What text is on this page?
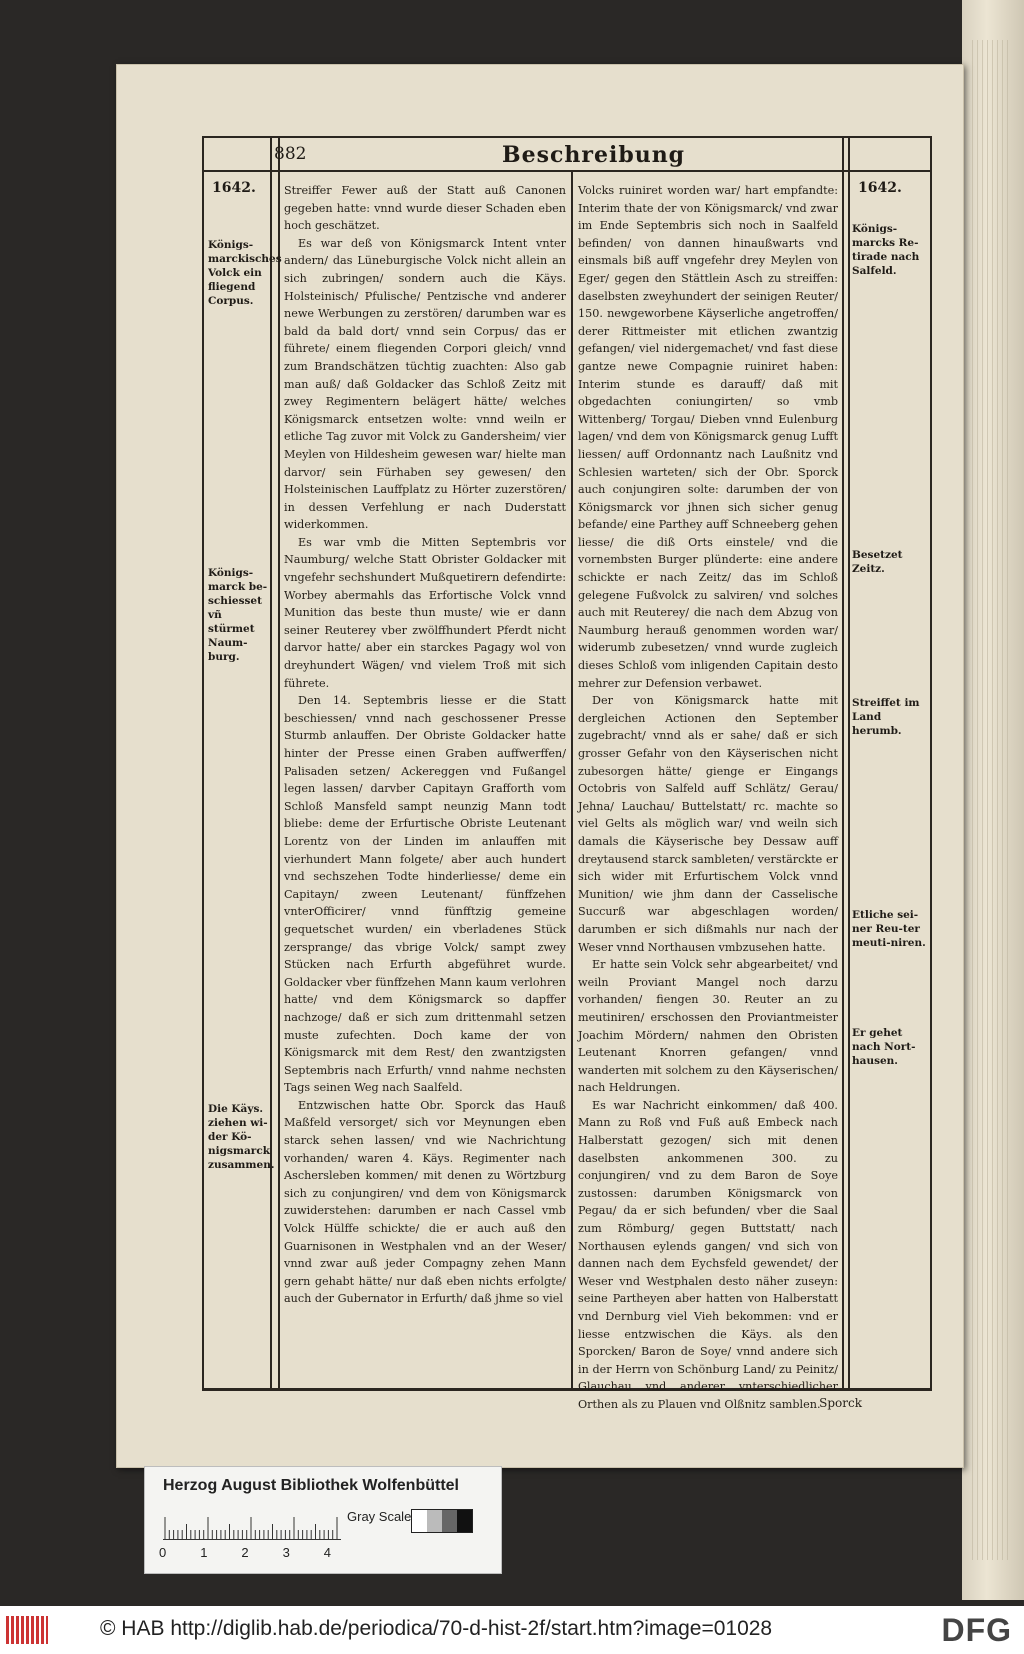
882	Beschreibung
1642.	1642.
Königs-marckisches Volck ein fliegend Corpus.
Königs-marck be-schiesset vñ stürmet Naum-burg.
Die Käys. ziehen wi-der Kö-nigsmarck zusammen.
Königs-marcks Re-tirade nach Salfeld.
Besetzet Zeitz.
Streiffet im Land herumb.
Etliche sei-ner Reu-ter meuti-niren.
Er gehet nach Nort-hausen.

Streiffer Fewer auß der Statt auß Canonen gegeben hatte: vnnd wurde dieser Schaden eben hoch geschätzet.

Es war deß von Königsmarck Intent vnter andern/ das Lüneburgische Volck nicht allein an sich zubringen/ sondern auch die Käys. Holsteinisch/ Pfulische/ Pentzische vnd anderer newe Werbungen zu zerstören/ darumben war es bald da bald dort/ vnnd sein Corpus/ das er führete/ einem fliegenden Corpori gleich/ vnnd zum Brandschätzen tüchtig zuachten: Also gab man auß/ daß Goldacker das Schloß Zeitz mit zwey Regimentern belägert hätte/ welches Königsmarck entsetzen wolte: vnnd weiln er etliche Tag zuvor mit Volck zu Gandersheim/ vier Meylen von Hildesheim gewesen war/ hielte man darvor/ sein Fürhaben sey gewesen/ den Holsteinischen Lauffplatz zu Hörter zuzerstören/ in dessen Verfehlung er nach Duderstatt widerkommen.

Es war vmb die Mitten Septembris vor Naumburg/ welche Statt Obrister Goldacker mit vngefehr sechshundert Mußquetirern defendirte: Worbey abermahls das Erfortische Volck vnnd Munition das beste thun muste/ wie er dann seiner Reuterey vber zwölffhundert Pferdt nicht darvor hatte/ aber ein starckes Pagagy wol von dreyhundert Wägen/ vnd vielem Troß mit sich führete.

Den 14. Septembris liesse er die Statt beschiessen/ vnnd nach geschossener Presse Sturmb anlauffen. Der Obriste Goldacker hatte hinter der Presse einen Graben auffwerffen/ Palisaden setzen/ Ackereggen vnd Fußangel legen lassen/ darvber Capitayn Grafforth vom Schloß Mansfeld sampt neunzig Mann todt bliebe: deme der Erfurtische Obriste Leutenant Lorentz von der Linden im anlauffen mit vierhundert Mann folgete/ aber auch hundert vnd sechszehen Todte hinderliesse/ deme ein Capitayn/ zween Leutenant/ fünffzehen vnterOfficirer/ vnnd fünfftzig gemeine gequetschet wurden/ ein vberladenes Stück zersprange/ das vbrige Volck/ sampt zwey Stücken nach Erfurth abgeführet wurde. Goldacker vber fünffzehen Mann kaum verlohren hatte/ vnd dem Königsmarck so dapffer nachzoge/ daß er sich zum drittenmahl setzen muste zufechten. Doch kame der von Königsmarck mit dem Rest/ den zwantzigsten Septembris nach Erfurth/ vnnd nahme nechsten Tags seinen Weg nach Saalfeld.

Entzwischen hatte Obr. Sporck das Hauß Maßfeld versorget/ sich vor Meynungen eben starck sehen lassen/ vnd wie Nachrichtung vorhanden/ waren 4. Käys. Regimenter nach Aschersleben kommen/ mit denen zu Wörtzburg sich zu conjungiren/ vnd dem von Königsmarck zuwiderstehen: darumben er nach Cassel vmb Volck Hülffe schickte/ die er auch auß den Guarnisonen in Westphalen vnd an der Weser/ vnnd zwar auß jeder Compagny zehen Mann gern gehabt hätte/ nur daß eben nichts erfolgte/ auch der Gubernator in Erfurth/ daß jhme so viel

Volcks ruiniret worden war/ hart empfandte: Interim thate der von Königsmarck/ vnd zwar im Ende Septembris sich noch in Saalfeld befinden/ von dannen hinaußwarts vnd einsmals biß auff vngefehr drey Meylen von Eger/ gegen den Stättlein Asch zu streiffen: daselbsten zweyhundert der seinigen Reuter/ 150. newgeworbene Käyserliche angetroffen/ derer Rittmeister mit etlichen zwantzig gefangen/ viel nidergemachet/ vnd fast diese gantze newe Compagnie ruiniret haben: Interim stunde es darauff/ daß mit obgedachten coniungirten/ so vmb Wittenberg/ Torgau/ Dieben vnnd Eulenburg lagen/ vnd dem von Königsmarck genug Lufft liessen/ auff Ordonnantz nach Laußnitz vnd Schlesien warteten/ sich der Obr. Sporck auch conjungiren solte: darumben der von Königsmarck vor jhnen sich sicher genug befande/ eine Parthey auff Schneeberg gehen liesse/ die diß Orts einstele/ vnd die vornembsten Burger plünderte: eine andere schickte er nach Zeitz/ das im Schloß gelegene Fußvolck zu salviren/ vnd solches auch mit Reuterey/ die nach dem Abzug von Naumburg herauß genommen worden war/ widerumb zubesetzen/ vnnd wurde zugleich dieses Schloß vom inligenden Capitain desto mehrer zur Defension verbawet.

Der von Königsmarck hatte mit dergleichen Actionen den September zugebracht/ vnnd als er sahe/ daß er sich grosser Gefahr von den Käyserischen nicht zubesorgen hätte/ gienge er Eingangs Octobris von Salfeld auff Schlätz/ Gerau/ Jehna/ Lauchau/ Buttelstatt/ rc. machte so viel Gelts als möglich war/ vnd weiln sich damals die Käyserische bey Dessaw auff dreytausend starck sambleten/ verstärckte er sich wider mit Erfurtischem Volck vnnd Munition/ wie jhm dann der Casselische Succurß war abgeschlagen worden/ darumben er sich dißmahls nur nach der Weser vnnd Northausen vmbzusehen hatte.

Er hatte sein Volck sehr abgearbeitet/ vnd weiln Proviant Mangel noch darzu vorhanden/ fiengen 30. Reuter an zu meutiniren/ erschossen den Proviantmeister Joachim Mördern/ nahmen den Obristen Leutenant Knorren gefangen/ vnnd wanderten mit solchem zu den Käyserischen/ nach Heldrungen.

Es war Nachricht einkommen/ daß 400. Mann zu Roß vnd Fuß auß Embeck nach Halberstatt gezogen/ sich mit denen daselbsten ankommenen 300. zu conjungiren/ vnd zu dem Baron de Soye zustossen: darumben Königsmarck von Pegau/ da er sich befunden/ vber die Saal zum Römburg/ gegen Buttstatt/ nach Northausen eylends gangen/ vnd sich von dannen nach dem Eychsfeld gewendet/ der Weser vnd Westphalen desto näher zuseyn: seine Partheyen aber hatten von Halberstatt vnd Dernburg viel Vieh bekommen: vnd er liesse entzwischen die Käys. als den Sporcken/ Baron de Soye/ vnnd andere sich in der Herrn von Schönburg Land/ zu Peinitz/ Glauchau vnd anderer vnterschiedlicher Orthen als zu Plauen vnd Olßnitz samblen.

Sporck
Herzog August Bibliothek Wolfenbüttel
0	1	2	3	4
Gray Scale
© HAB http://diglib.hab.de/periodica/70-d-hist-2f/start.htm?image=01028	DFG
